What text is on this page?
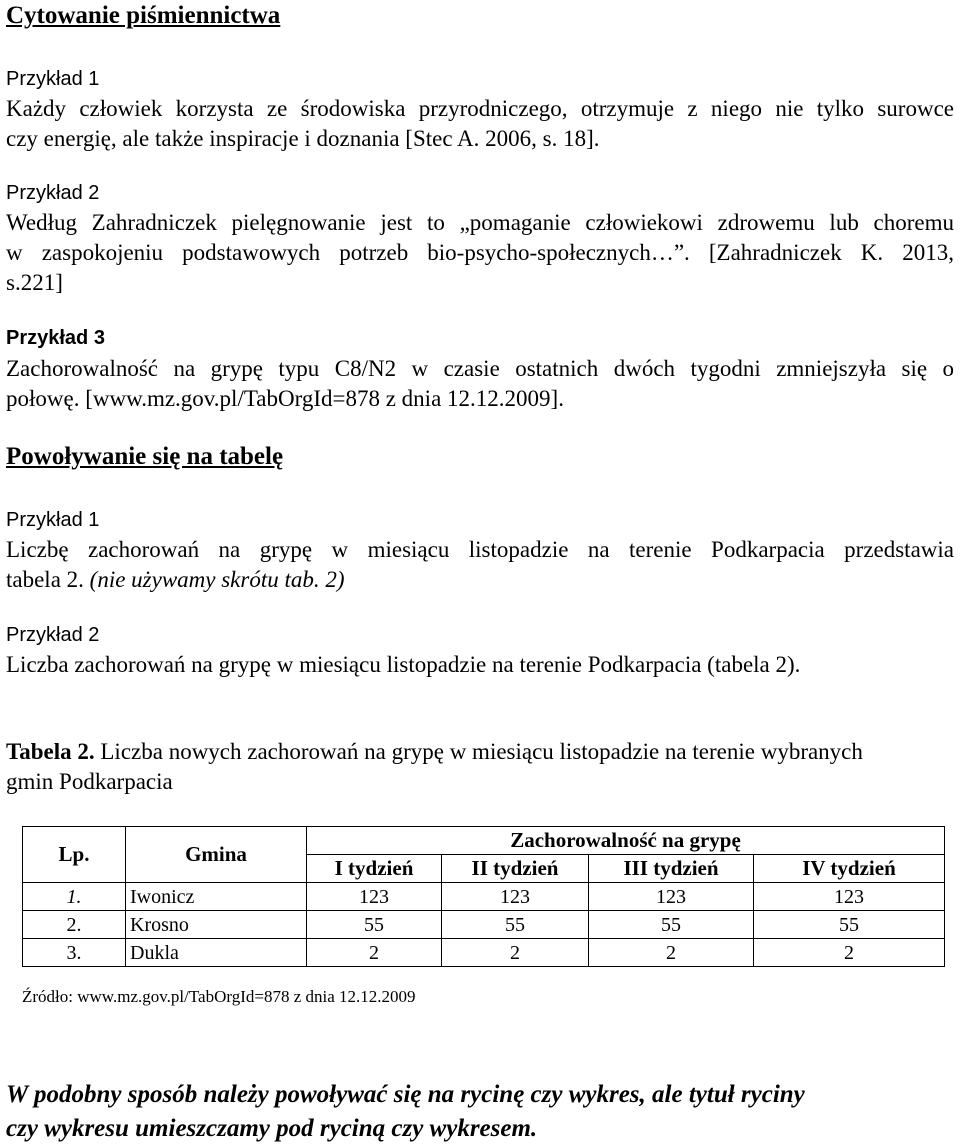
Cytowanie piśmiennictwa
Przykład 1
Każdy człowiek korzysta ze środowiska przyrodniczego, otrzymuje z niego nie tylko surowce
czy energię, ale także inspiracje i doznania [Stec A. 2006, s. 18].
Przykład 2
Według Zahradniczek pielęgnowanie jest to „pomaganie człowiekowi zdrowemu lub choremu
w zaspokojeniu podstawowych potrzeb bio-psycho-społecznych…”. [Zahradniczek K. 2013,
s.221]
Przykład 3
Zachorowalność na grypę typu C8/N2 w czasie ostatnich dwóch tygodni zmniejszyła się o
połowę. [www.mz.gov.pl/TabOrgId=878 z dnia 12.12.2009].
Powoływanie się na tabelę
Przykład 1
Liczbę zachorowań na grypę w miesiącu listopadzie na terenie Podkarpacia przedstawia
tabela 2. (nie używamy skrótu tab. 2)
Przykład 2
Liczba zachorowań na grypę w miesiącu listopadzie na terenie Podkarpacia (tabela 2).
Tabela 2. Liczba nowych zachorowań na grypę w miesiącu listopadzie na terenie wybranych
gmin Podkarpacia
Lp.	Gmina	Zachorowalność na grypę			
		I tydzień	II tydzień	III tydzień	IV tydzień
1.	Iwonicz	123	123	123	123
2.	Krosno	55	55	55	55
3.	Dukla	2	2	2	2
Źródło: www.mz.gov.pl/TabOrgId=878 z dnia 12.12.2009
W podobny sposób należy powoływać się na rycinę czy wykres, ale tytuł ryciny
czy wykresu umieszczamy pod ryciną czy wykresem.
